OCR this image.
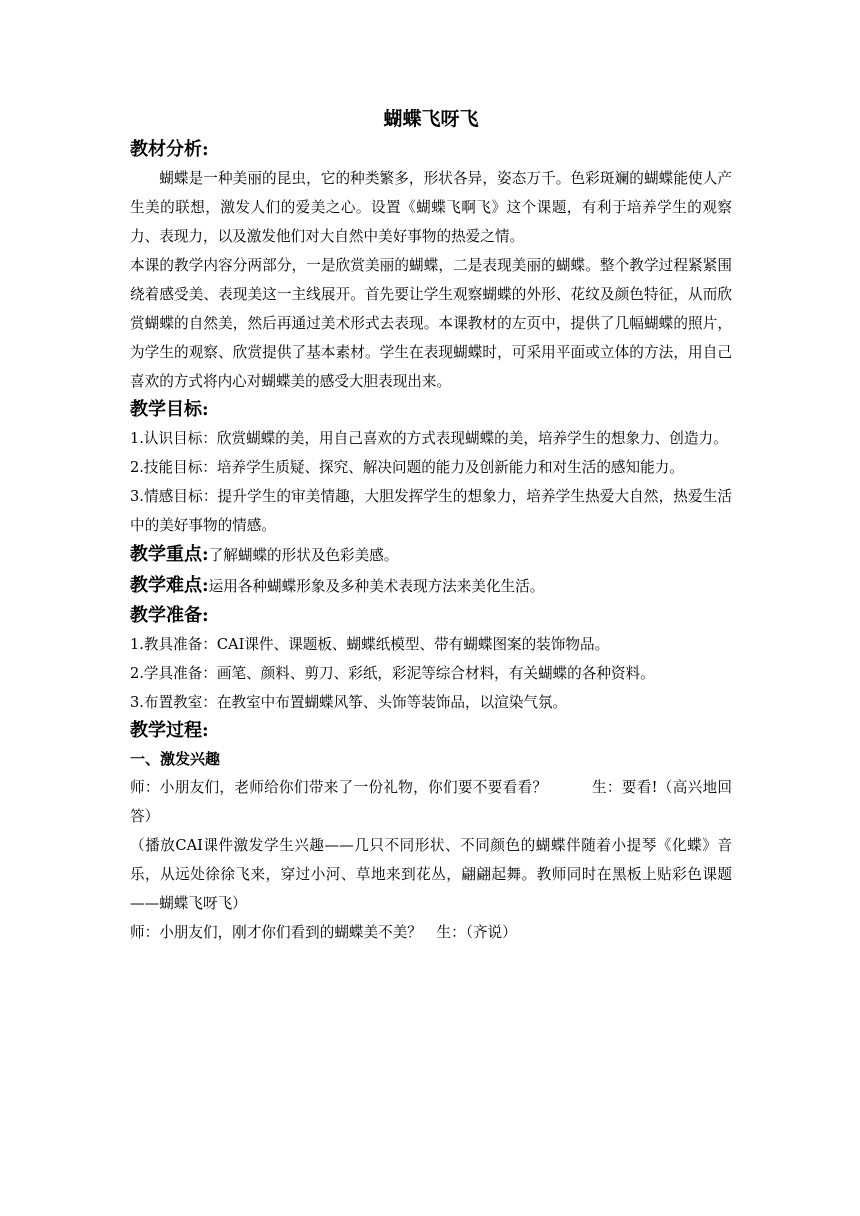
蝴蝶飞呀飞
教材分析:

蝴蝶是一种美丽的昆虫，它的种类繁多，形状各异，姿态万千。色彩斑斓的蝴蝶能使人产生美的联想，激发人们的爱美之心。设置《蝴蝶飞啊飞》这个课题，有利于培养学生的观察力、表现力，以及激发他们对大自然中美好事物的热爱之情。

本课的教学内容分两部分，一是欣赏美丽的蝴蝶，二是表现美丽的蝴蝶。整个教学过程紧紧围绕着感受美、表现美这一主线展开。首先要让学生观察蝴蝶的外形、花纹及颜色特征，从而欣赏蝴蝶的自然美，然后再通过美术形式去表现。本课教材的左页中，提供了几幅蝴蝶的照片，为学生的观察、欣赏提供了基本素材。学生在表现蝴蝶时，可采用平面或立体的方法，用自己喜欢的方式将内心对蝴蝶美的感受大胆表现出来。

教学目标:

1.认识目标：欣赏蝴蝶的美，用自己喜欢的方式表现蝴蝶的美，培养学生的想象力、创造力。

2.技能目标：培养学生质疑、探究、解决问题的能力及创新能力和对生活的感知能力。

3.情感目标：提升学生的审美情趣，大胆发挥学生的想象力，培养学生热爱大自然，热爱生活中的美好事物的情感。

教学重点:了解蝴蝶的形状及色彩美感。

教学难点:运用各种蝴蝶形象及多种美术表现方法来美化生活。

教学准备:

1.教具准备：CAI课件、课题板、蝴蝶纸模型、带有蝴蝶图案的装饰物品。

2.学具准备：画笔、颜料、剪刀、彩纸，彩泥等综合材料，有关蝴蝶的各种资料。

3.布置教室：在教室中布置蝴蝶风筝、头饰等装饰品，以渲染气氛。

教学过程:
一、激发兴趣

师：小朋友们，老师给你们带来了一份礼物，你们要不要看看？　　　生：要看!（高兴地回答）

（播放CAI课件激发学生兴趣——几只不同形状、不同颜色的蝴蝶伴随着小提琴《化蝶》音乐，从远处徐徐飞来，穿过小河、草地来到花丛，翩翩起舞。教师同时在黑板上贴彩色课题——蝴蝶飞呀飞）

师：小朋友们，刚才你们看到的蝴蝶美不美？　生：（齐说）
